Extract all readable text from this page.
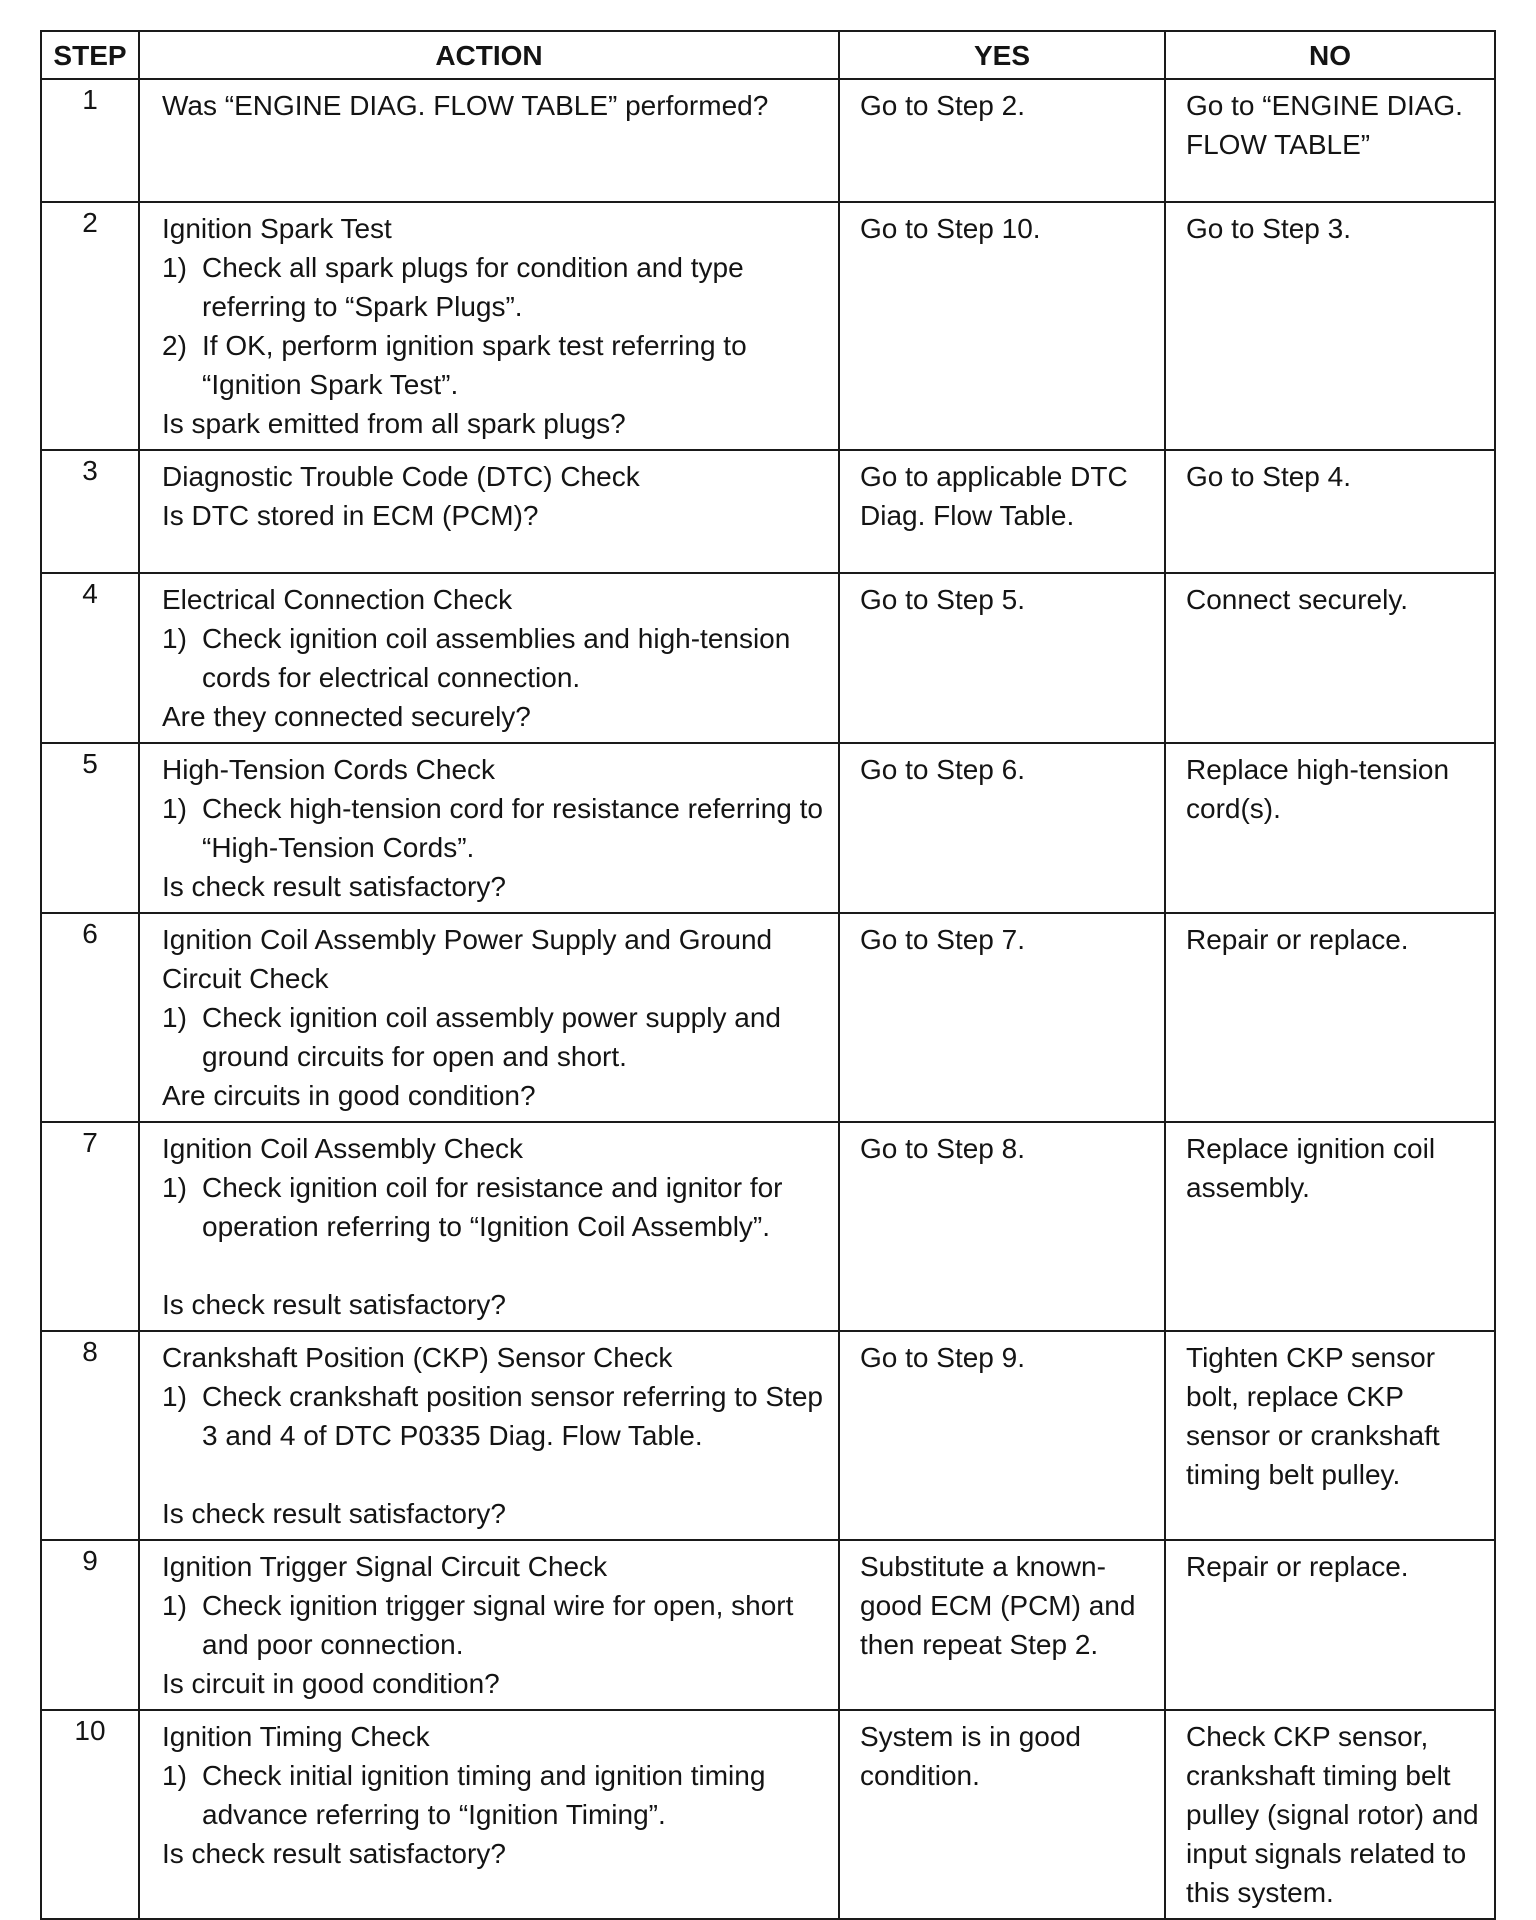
STEP	ACTION	YES	NO
1	Was “ENGINE DIAG. FLOW TABLE” performed?	Go to Step 2.	Go to “ENGINE DIAG. FLOW TABLE”
2	Ignition Spark Test
1) Check all spark plugs for condition and type referring to “Spark Plugs”.
2) If OK, perform ignition spark test referring to “Ignition Spark Test”.
Is spark emitted from all spark plugs?	Go to Step 10.	Go to Step 3.
3	Diagnostic Trouble Code (DTC) Check
Is DTC stored in ECM (PCM)?	Go to applicable DTC Diag. Flow Table.	Go to Step 4.
4	Electrical Connection Check
1) Check ignition coil assemblies and high-tension cords for electrical connection.
Are they connected securely?	Go to Step 5.	Connect securely.
5	High-Tension Cords Check
1) Check high-tension cord for resistance referring to “High-Tension Cords”.
Is check result satisfactory?	Go to Step 6.	Replace high-tension cord(s).
6	Ignition Coil Assembly Power Supply and Ground Circuit Check
1) Check ignition coil assembly power supply and ground circuits for open and short.
Are circuits in good condition?	Go to Step 7.	Repair or replace.
7	Ignition Coil Assembly Check
1) Check ignition coil for resistance and ignitor for operation referring to “Ignition Coil Assembly”.
Is check result satisfactory?	Go to Step 8.	Replace ignition coil assembly.
8	Crankshaft Position (CKP) Sensor Check
1) Check crankshaft position sensor referring to Step 3 and 4 of DTC P0335 Diag. Flow Table.
Is check result satisfactory?	Go to Step 9.	Tighten CKP sensor bolt, replace CKP sensor or crankshaft timing belt pulley.
9	Ignition Trigger Signal Circuit Check
1) Check ignition trigger signal wire for open, short and poor connection.
Is circuit in good condition?	Substitute a known-good ECM (PCM) and then repeat Step 2.	Repair or replace.
10	Ignition Timing Check
1) Check initial ignition timing and ignition timing advance referring to “Ignition Timing”.
Is check result satisfactory?	System is in good condition.	Check CKP sensor, crankshaft timing belt pulley (signal rotor) and input signals related to this system.
